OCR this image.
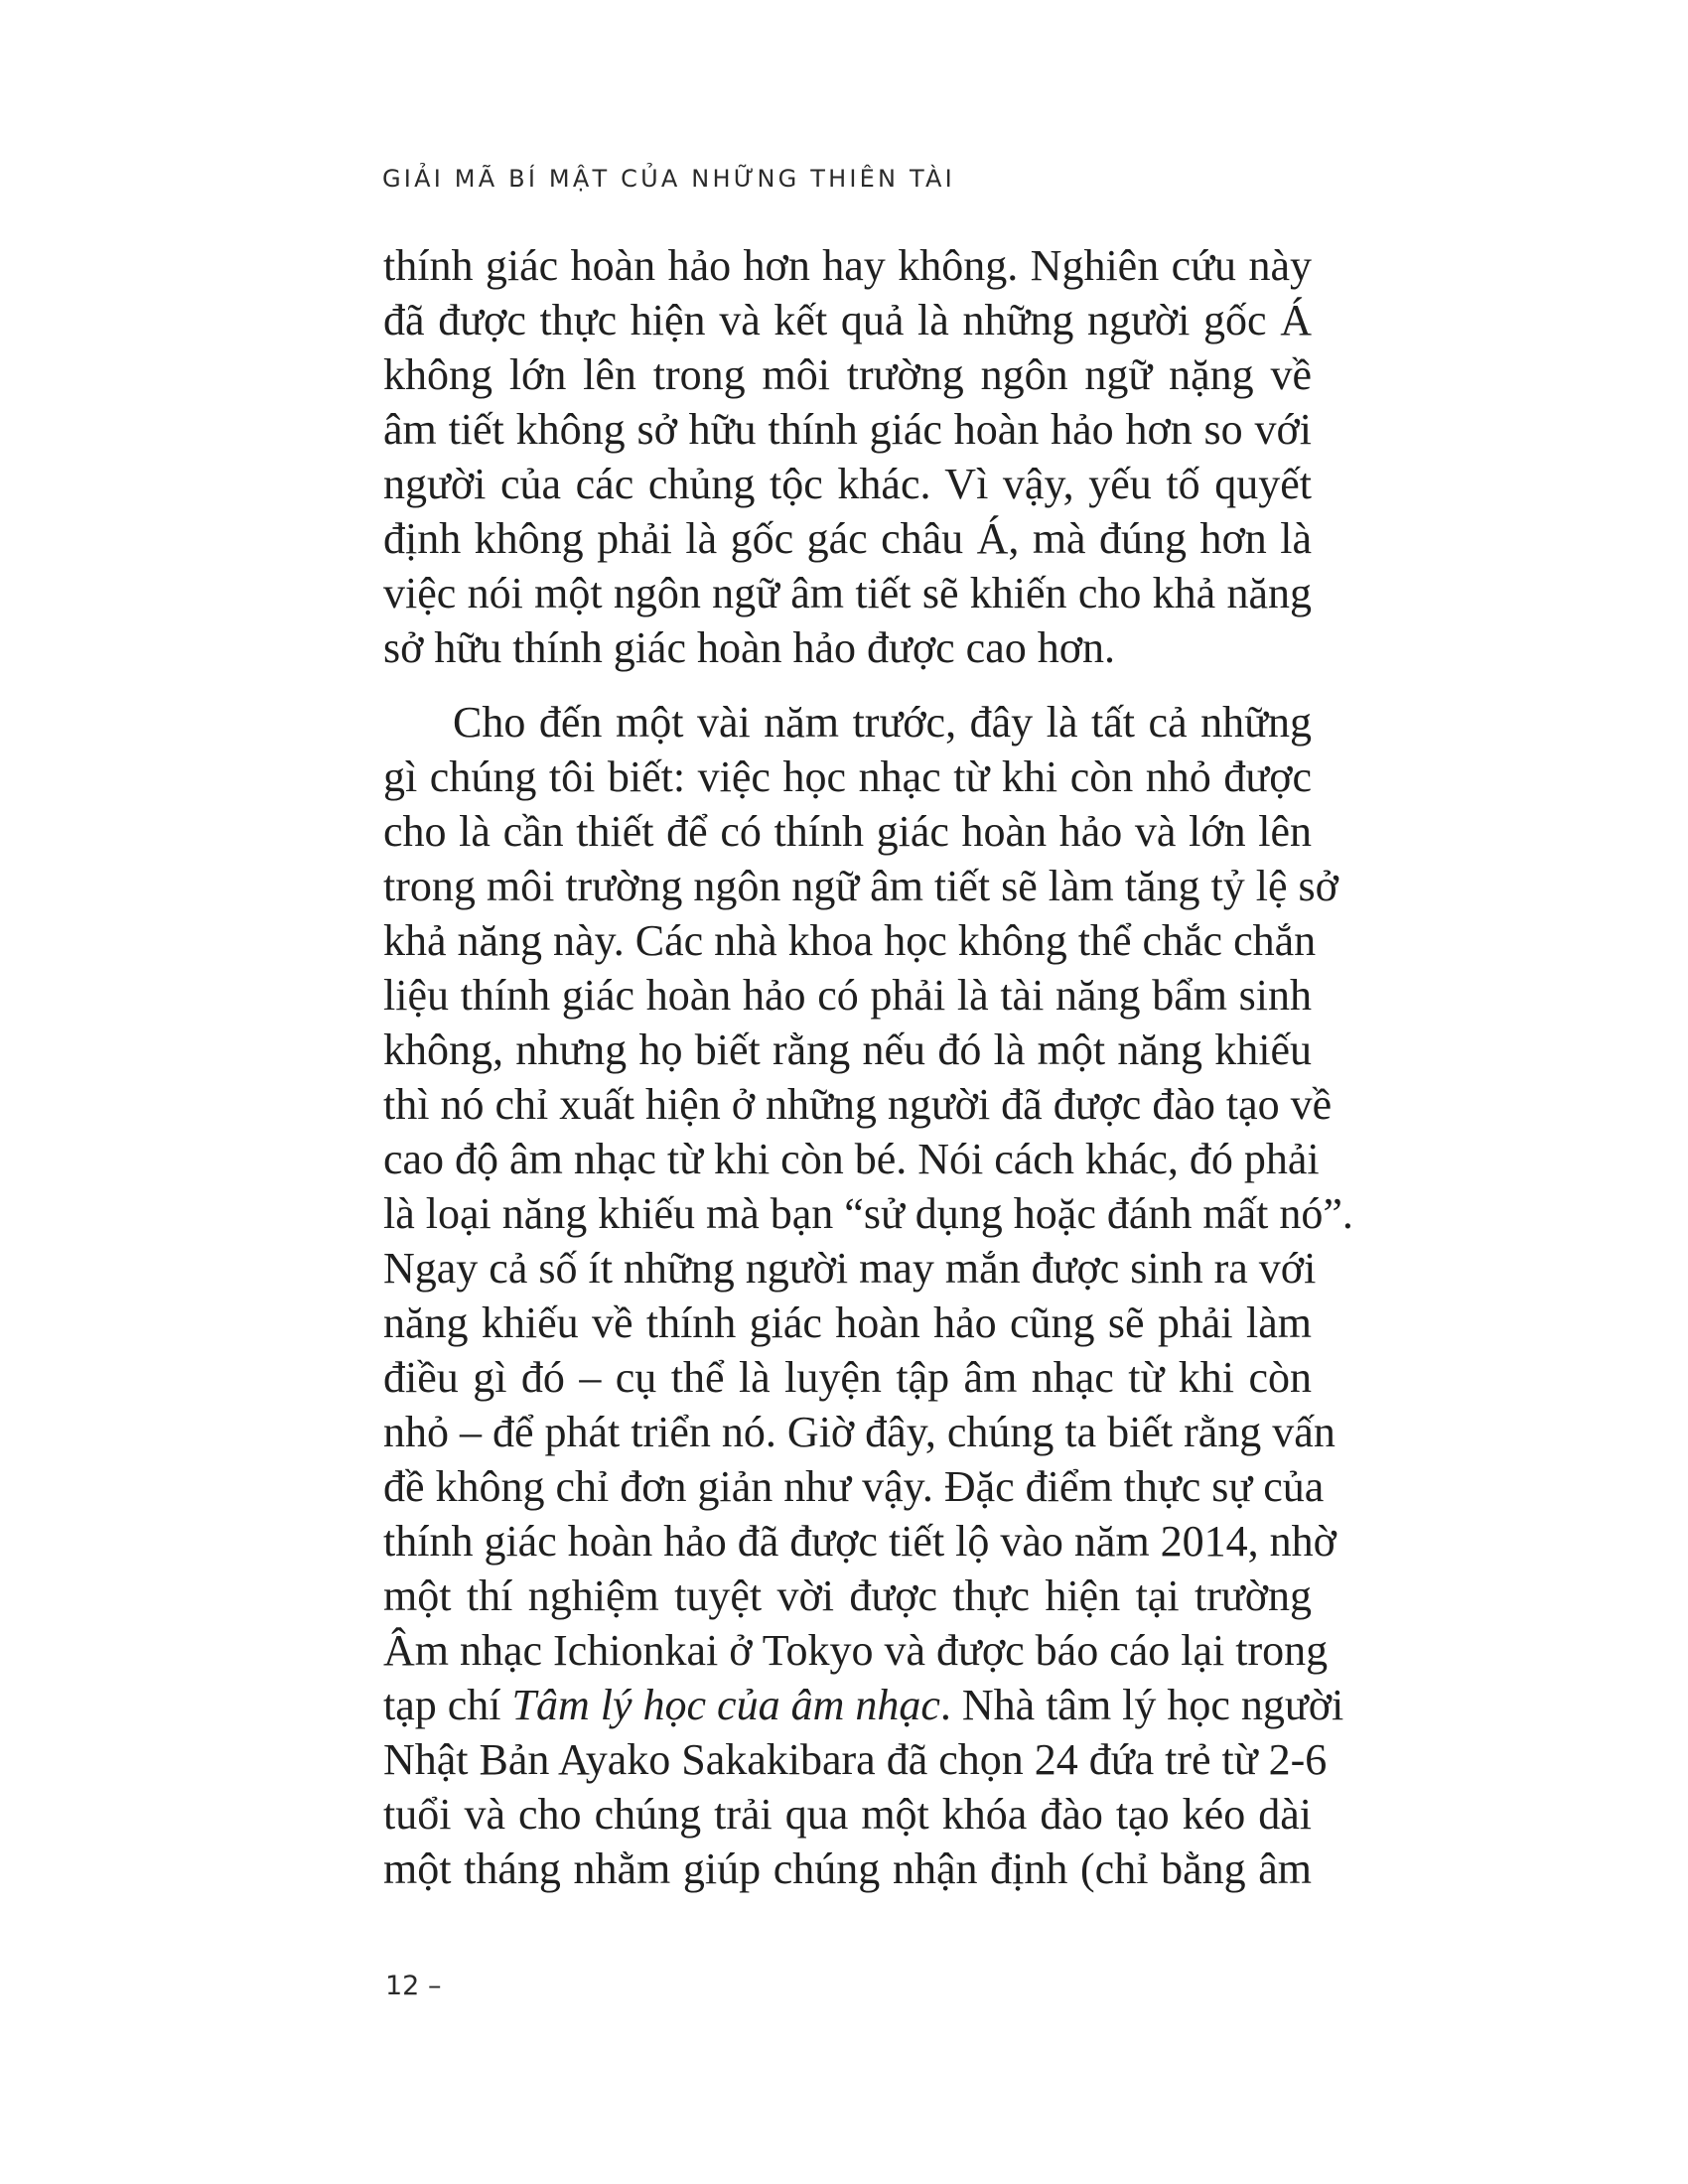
GIẢI MÃ BÍ MẬT CỦA NHỮNG THIÊN TÀI
thính giác hoàn hảo hơn hay không. Nghiên cứu này
đã được thực hiện và kết quả là những người gốc Á
không lớn lên trong môi trường ngôn ngữ nặng về
âm tiết không sở hữu thính giác hoàn hảo hơn so với
người của các chủng tộc khác. Vì vậy, yếu tố quyết
định không phải là gốc gác châu Á, mà đúng hơn là
việc nói một ngôn ngữ âm tiết sẽ khiến cho khả năng
sở hữu thính giác hoàn hảo được cao hơn.
Cho đến một vài năm trước, đây là tất cả những
gì chúng tôi biết: việc học nhạc từ khi còn nhỏ được
cho là cần thiết để có thính giác hoàn hảo và lớn lên
trong môi trường ngôn ngữ âm tiết sẽ làm tăng tỷ lệ sở
khả năng này. Các nhà khoa học không thể chắc chắn
liệu thính giác hoàn hảo có phải là tài năng bẩm sinh
không, nhưng họ biết rằng nếu đó là một năng khiếu
thì nó chỉ xuất hiện ở những người đã được đào tạo về
cao độ âm nhạc từ khi còn bé. Nói cách khác, đó phải
là loại năng khiếu mà bạn “sử dụng hoặc đánh mất nó”.
Ngay cả số ít những người may mắn được sinh ra với
năng khiếu về thính giác hoàn hảo cũng sẽ phải làm
điều gì đó – cụ thể là luyện tập âm nhạc từ khi còn
nhỏ – để phát triển nó. Giờ đây, chúng ta biết rằng vấn
đề không chỉ đơn giản như vậy. Đặc điểm thực sự của
thính giác hoàn hảo đã được tiết lộ vào năm 2014, nhờ
một thí nghiệm tuyệt vời được thực hiện tại trường
Âm nhạc Ichionkai ở Tokyo và được báo cáo lại trong
tạp chí Tâm lý học của âm nhạc. Nhà tâm lý học người
Nhật Bản Ayako Sakakibara đã chọn 24 đứa trẻ từ 2-6
tuổi và cho chúng trải qua một khóa đào tạo kéo dài
một tháng nhằm giúp chúng nhận định (chỉ bằng âm
12 –
